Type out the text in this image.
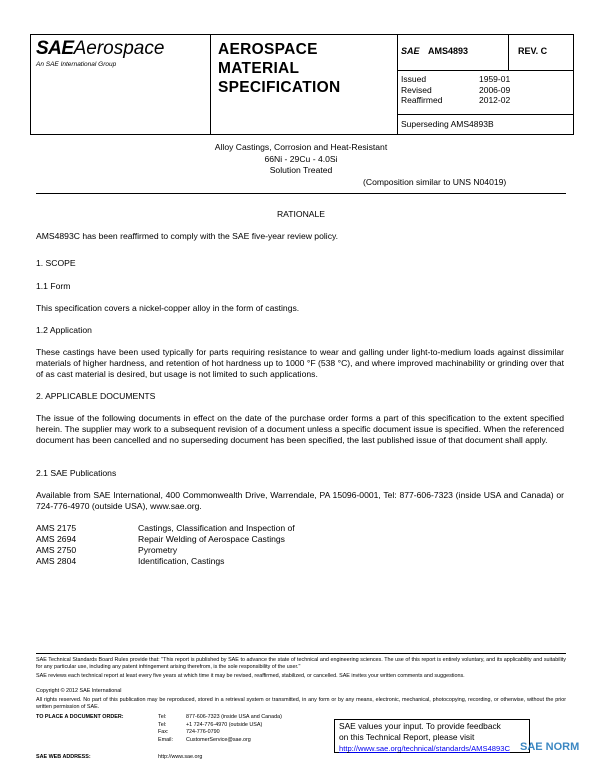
SAEAerospace
An SAE International Group
AEROSPACE
MATERIAL
SPECIFICATION
SAE AMS4893	REV. C
Issued	1959-01
Revised	2006-09
Reaffirmed	2012-02
Superseding AMS4893B
Alloy Castings, Corrosion and Heat-Resistant
66Ni - 29Cu - 4.0Si
Solution Treated
(Composition similar to UNS N04019)
RATIONALE
AMS4893C has been reaffirmed to comply with the SAE five-year review policy.
1. SCOPE
1.1 Form
This specification covers a nickel-copper alloy in the form of castings.
1.2 Application
These castings have been used typically for parts requiring resistance to wear and galling under light-to-medium loads against dissimilar materials of higher hardness, and retention of hot hardness up to 1000 °F (538 °C), and where improved machinability or grinding over that of as cast material is desired, but usage is not limited to such applications.
2. APPLICABLE DOCUMENTS
The issue of the following documents in effect on the date of the purchase order forms a part of this specification to the extent specified herein. The supplier may work to a subsequent revision of a document unless a specific document issue is specified. When the referenced document has been cancelled and no superseding document has been specified, the last published issue of that document shall apply.
2.1 SAE Publications
Available from SAE International, 400 Commonwealth Drive, Warrendale, PA 15096-0001, Tel: 877-606-7323 (inside USA and Canada) or 724-776-4970 (outside USA), www.sae.org.
AMS 2175	Castings, Classification and Inspection of
AMS 2694	Repair Welding of Aerospace Castings
AMS 2750	Pyrometry
AMS 2804	Identification, Castings
SAE Technical Standards Board Rules provide that: "This report is published by SAE to advance the state of technical and engineering sciences. The use of this report is entirely voluntary, and its applicability and suitability for any particular use, including any patent infringement arising therefrom, is the sole responsibility of the user."
SAE reviews each technical report at least every five years at which time it may be revised, reaffirmed, stabilized, or cancelled. SAE invites your written comments and suggestions.
Copyright © 2012 SAE International
All rights reserved. No part of this publication may be reproduced, stored in a retrieval system or transmitted, in any form or by any means, electronic, mechanical, photocopying, recording, or otherwise, without the prior written permission of SAE.
TO PLACE A DOCUMENT ORDER:	Tel:	877-606-7323 (inside USA and Canada)
Tel:	+1 724-776-4970 (outside USA)
Fax:	724-776-0790
Email: CustomerService@sae.org
SAE WEB ADDRESS:	http://www.sae.org
SAE values your input. To provide feedback
on this Technical Report, please visit
http://www.sae.org/technical/standards/AMS4893C SAE NORM
